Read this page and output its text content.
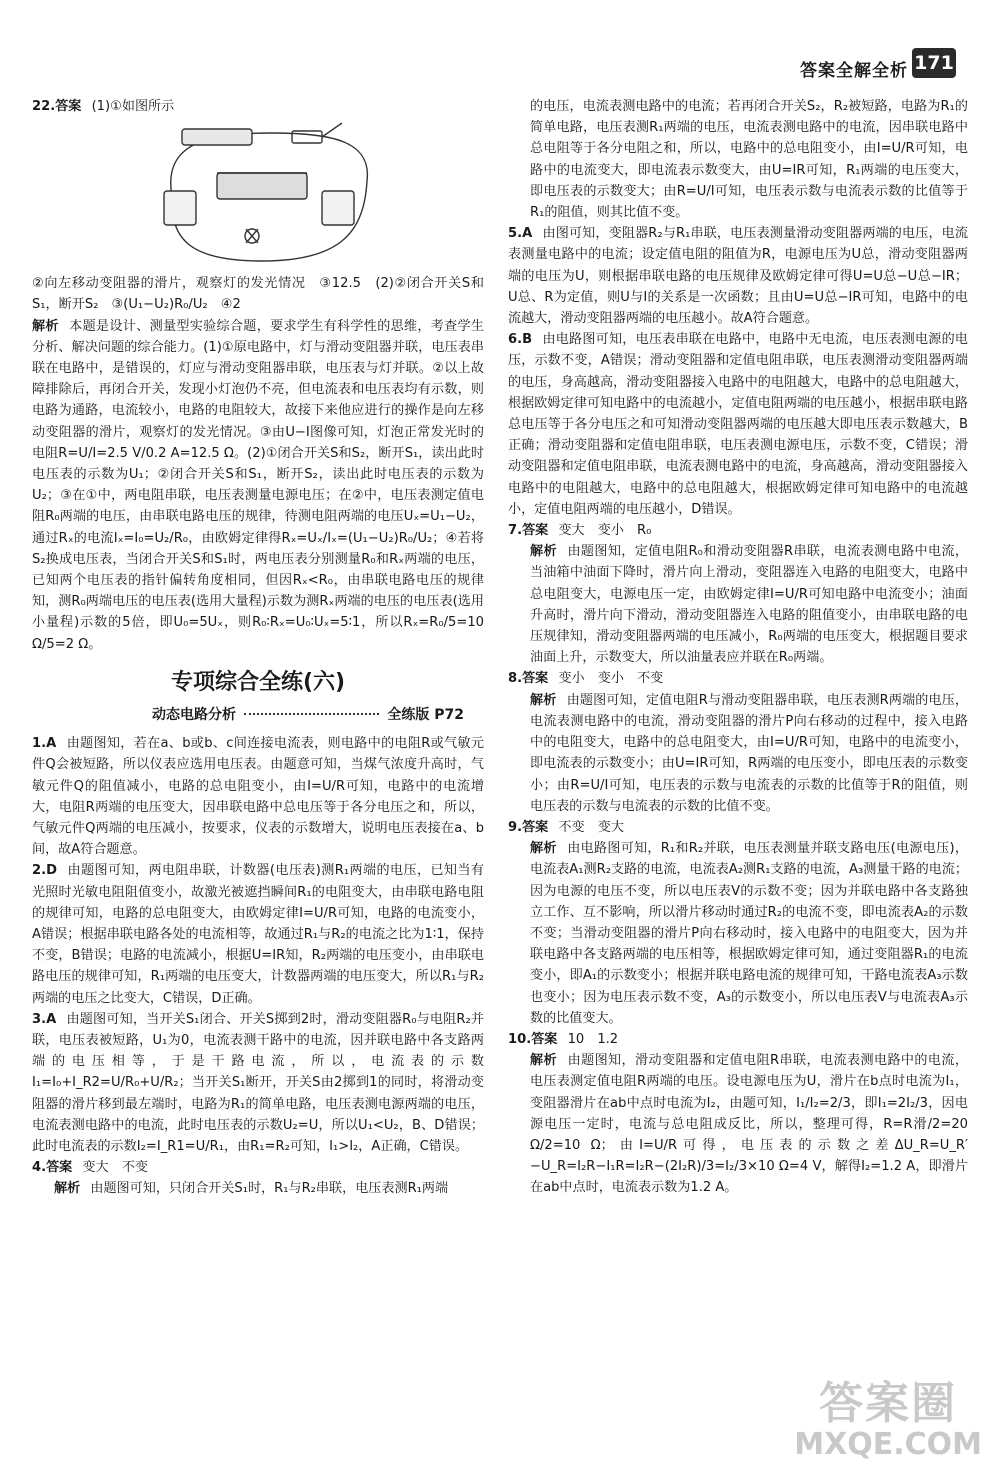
答案全解全析 171

22.答案 (1)①如图所示

②向左移动变阻器的滑片，观察灯的发光情况　③12.5　(2)②闭合开关S和S₁，断开S₂　③(U₁−U₂)R₀/U₂　④2

解析 本题是设计、测量型实验综合题，要求学生有科学性的思维，考查学生分析、解决问题的综合能力。(1)①原电路中，灯与滑动变阻器并联，电压表串联在电路中，是错误的，灯应与滑动变阻器串联，电压表与灯并联。②以上故障排除后，再闭合开关，发现小灯泡仍不亮，但电流表和电压表均有示数，则电路为通路，电流较小，电路的电阻较大，故接下来他应进行的操作是向左移动变阻器的滑片，观察灯的发光情况。③由U−I图像可知，灯泡正常发光时的电阻R=U/I=2.5 V/0.2 A=12.5 Ω。(2)①闭合开关S和S₂，断开S₁，读出此时电压表的示数为U₁；②闭合开关S和S₁，断开S₂，读出此时电压表的示数为U₂；③在①中，两电阻串联，电压表测量电源电压；在②中，电压表测定值电阻R₀两端的电压，由串联电路电压的规律，待测电阻两端的电压Uₓ=U₁−U₂，通过Rₓ的电流Iₓ=I₀=U₂/R₀，由欧姆定律得Rₓ=Uₓ/Iₓ=(U₁−U₂)R₀/U₂；④若将S₂换成电压表，当闭合开关S和S₁时，两电压表分别测量R₀和Rₓ两端的电压，已知两个电压表的指针偏转角度相同，但因Rₓ<R₀，由串联电路电压的规律知，测R₀两端电压的电压表(选用大量程)示数为测Rₓ两端的电压的电压表(选用小量程)示数的5倍，即U₀=5Uₓ，则R₀∶Rₓ=U₀∶Uₓ=5∶1，所以Rₓ=R₀/5=10 Ω/5=2 Ω。

专项综合全练(六)
动态电路分析	全练版 P72

1.A 由题图知，若在a、b或b、c间连接电流表，则电路中的电阻R或气敏元件Q会被短路，所以仪表应选用电压表。由题意可知，当煤气浓度升高时，气敏元件Q的阻值减小，电路的总电阻变小，由I=U/R可知，电路中的电流增大，电阻R两端的电压变大，因串联电路中总电压等于各分电压之和，所以，气敏元件Q两端的电压减小，按要求，仪表的示数增大，说明电压表接在a、b间，故A符合题意。

2.D 由题图可知，两电阻串联，计数器(电压表)测R₁两端的电压，已知当有光照时光敏电阻阻值变小，故激光被遮挡瞬间R₁的电阻变大，由串联电路电阻的规律可知，电路的总电阻变大，由欧姆定律I=U/R可知，电路的电流变小，A错误；根据串联电路各处的电流相等，故通过R₁与R₂的电流之比为1∶1，保持不变，B错误；电路的电流减小，根据U=IR知，R₂两端的电压变小，由串联电路电压的规律可知，R₁两端的电压变大，计数器两端的电压变大，所以R₁与R₂两端的电压之比变大，C错误，D正确。

3.A 由题图可知，当开关S₁闭合、开关S掷到2时，滑动变阻器R₀与电阻R₂并联，电压表被短路，U₁为0，电流表测干路中的电流，因并联电路中各支路两端的电压相等，于是干路电流，所以，电流表的示数I₁=I₀+I_R2=U/R₀+U/R₂；当开关S₁断开，开关S由2掷到1的同时，将滑动变阻器的滑片移到最左端时，电路为R₁的简单电路，电压表测电源两端的电压，电流表测电路中的电流，此时电压表的示数U₂=U，所以U₁<U₂，B、D错误；此时电流表的示数I₂=I_R1=U/R₁，由R₁=R₂可知，I₁>I₂，A正确，C错误。

4.答案 变大　不变

解析 由题图可知，只闭合开关S₁时，R₁与R₂串联，电压表测R₁两端

的电压，电流表测电路中的电流；若再闭合开关S₂，R₂被短路，电路为R₁的简单电路，电压表测R₁两端的电压，电流表测电路中的电流，因串联电路中总电阻等于各分电阻之和，所以，电路中的总电阻变小，由I=U/R可知，电路中的电流变大，即电流表示数变大，由U=IR可知，R₁两端的电压变大，即电压表的示数变大；由R=U/I可知，电压表示数与电流表示数的比值等于R₁的阻值，则其比值不变。

5.A 由图可知，变阻器R₂与R₁串联，电压表测量滑动变阻器两端的电压，电流表测量电路中的电流；设定值电阻的阻值为R，电源电压为U总，滑动变阻器两端的电压为U，则根据串联电路的电压规律及欧姆定律可得U=U总−U总−IR；U总、R为定值，则U与I的关系是一次函数；且由U=U总−IR可知，电路中的电流越大，滑动变阻器两端的电压越小。故A符合题意。

6.B 由电路图可知，电压表串联在电路中，电路中无电流，电压表测电源的电压，示数不变，A错误；滑动变阻器和定值电阻串联，电压表测滑动变阻器两端的电压，身高越高，滑动变阻器接入电路中的电阻越大，电路中的总电阻越大，根据欧姆定律可知电路中的电流越小，定值电阻两端的电压越小，根据串联电路总电压等于各分电压之和可知滑动变阻器两端的电压越大即电压表示数越大，B正确；滑动变阻器和定值电阻串联，电压表测电源电压，示数不变，C错误；滑动变阻器和定值电阻串联，电流表测电路中的电流，身高越高，滑动变阻器接入电路中的电阻越大，电路中的总电阻越大，根据欧姆定律可知电路中的电流越小，定值电阻两端的电压越小，D错误。

7.答案 变大　变小　R₀

解析 由题图知，定值电阻R₀和滑动变阻器R串联，电流表测电路中电流，当油箱中油面下降时，滑片向上滑动，变阻器连入电路的电阻变大，电路中总电阻变大，电源电压一定，由欧姆定律I=U/R可知电路中电流变小；油面升高时，滑片向下滑动，滑动变阻器连入电路的阻值变小，由串联电路的电压规律知，滑动变阻器两端的电压减小，R₀两端的电压变大，根据题目要求油面上升，示数变大，所以油量表应并联在R₀两端。

8.答案 变小　变小　不变

解析 由题图可知，定值电阻R与滑动变阻器串联，电压表测R两端的电压，电流表测电路中的电流，滑动变阻器的滑片P向右移动的过程中，接入电路中的电阻变大，电路中的总电阻变大，由I=U/R可知，电路中的电流变小，即电流表的示数变小；由U=IR可知，R两端的电压变小，即电压表的示数变小；由R=U/I可知，电压表的示数与电流表的示数的比值等于R的阻值，则电压表的示数与电流表的示数的比值不变。

9.答案 不变　变大

解析 由电路图可知，R₁和R₂并联，电压表测量并联支路电压(电源电压)，电流表A₁测R₂支路的电流，电流表A₂测R₁支路的电流，A₃测量干路的电流；因为电源的电压不变，所以电压表V的示数不变；因为并联电路中各支路独立工作、互不影响，所以滑片移动时通过R₂的电流不变，即电流表A₂的示数不变；当滑动变阻器的滑片P向右移动时，接入电路中的电阻变大，因为并联电路中各支路两端的电压相等，根据欧姆定律可知，通过变阻器R₁的电流变小，即A₁的示数变小；根据并联电路电流的规律可知，干路电流表A₃示数也变小；因为电压表示数不变，A₃的示数变小，所以电压表V与电流表A₃示数的比值变大。

10.答案 10　1.2

解析 由题图知，滑动变阻器和定值电阻R串联，电流表测电路中的电流，电压表测定值电阻R两端的电压。设电源电压为U，滑片在b点时电流为I₁，变阻器滑片在ab中点时电流为I₂，由题可知，I₁/I₂=2/3，即I₁=2I₂/3，因电源电压一定时，电流与总电阻成反比，所以，整理可得，R=R滑/2=20 Ω/2=10 Ω；由I=U/R可得，电压表的示数之差ΔU_R=U_R′−U_R=I₂R−I₁R=I₂R−(2I₂R)/3=I₂/3×10 Ω=4 V，解得I₂=1.2 A，即滑片在ab中点时，电流表示数为1.2 A。

答案圈
MXQE.COM
